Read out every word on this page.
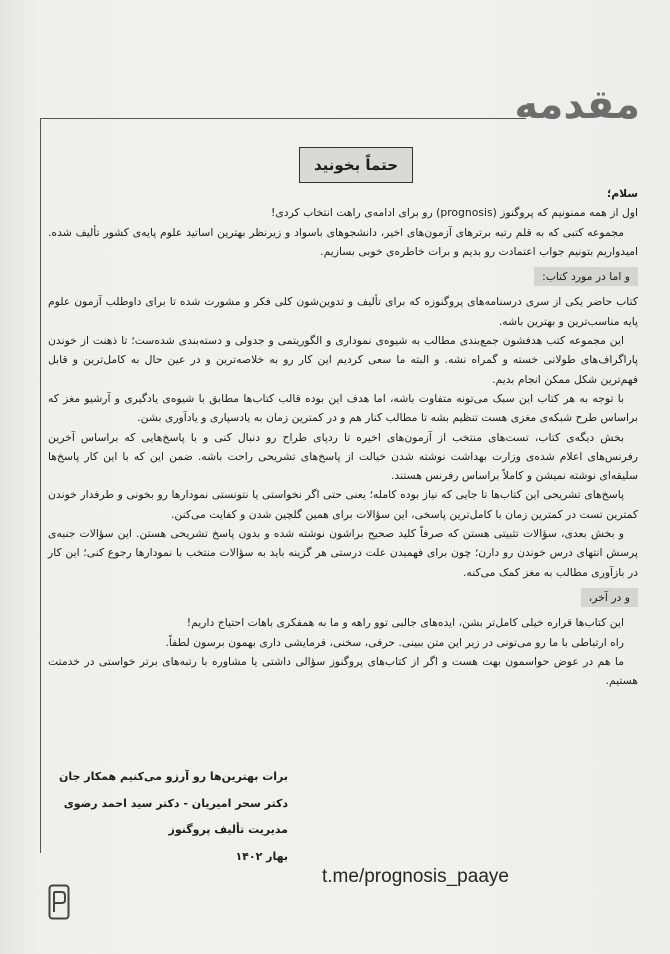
مقدمه
حتماً بخونید

سلام؛

اول از همه ممنونیم که پروگنوز (prognosis) رو برای ادامه‌ی راهت انتخاب کردی!

مجموعه کتبی که به قلم رتبه برترهای آزمون‌های اخیر، دانشجوهای باسواد و زیرنظر بهترین اساتید علوم پایه‌ی کشور تألیف شده. امیدواریم بتونیم جواب اعتمادت رو بدیم و برات خاطره‌ی خوبی بسازیم.

و اما در مورد کتاب:

کتاب حاضر یکی از سری درسنامه‌های پروگنوزه که برای تألیف و تدوین‌شون کلی فکر و مشورت شده تا برای داوطلب آزمون علوم پایه مناسب‌ترین و بهترین باشه.

این مجموعه کتب هدفشون جمع‌بندی مطالب به شیوه‌ی نموداری و الگوریتمی و جدولی و دسته‌بندی شده‌ست؛ تا ذهنت از خوندن پاراگراف‌های طولانی خسته و گمراه نشه. و البته ما سعی کردیم این کار رو به خلاصه‌ترین و در عین حال به کامل‌ترین و قابل فهم‌ترین شکل ممکن انجام بدیم.

با توجه به هر کتاب این سبک می‌تونه متفاوت باشه، اما هدف این بوده قالب کتاب‌ها مطابق با شیوه‌ی یادگیری و آرشیو مغز که براساس طرح شبکه‌ی مغزی هست تنظیم بشه تا مطالب کنار هم و در کمترین زمان به یادسپاری و یادآوری بشن.

بخش دیگه‌ی کتاب، تست‌های منتخب از آزمون‌های اخیره تا ردپای طراح رو دنبال کنی و با پاسخ‌هایی که براساس آخرین رفرنس‌های اعلام شده‌ی وزارت بهداشت نوشته شدن خیالت از پاسخ‌های تشریحی راحت باشه. ضمن این که با این کار پاسخ‌ها سلیقه‌ای نوشته نمیشن و کاملاً براساس رفرنس هستند.

پاسخ‌های تشریحی این کتاب‌ها تا جایی که نیاز بوده کامله؛ یعنی حتی اگر نخواستی یا نتونستی نمودارها رو بخونی و طرفدار خوندن کمترین تست در کمترین زمان با کامل‌ترین پاسخی، این سؤالات برای همین گلچین شدن و کفایت می‌کنن.

و بخش بعدی، سؤالات تثبیتی هستن که صرفاً کلید صحیح براشون نوشته شده و بدون پاسخ تشریحی هستن. این سؤالات جنبه‌ی پرسش انتهای درس خوندن رو دارن؛ چون برای فهمیدن علت درستی هر گزینه باید به سؤالات منتخب با نمودارها رجوع کنی؛ این کار در بازآوری مطالب به مغز کمک می‌کنه.

و در آخر،

این کتاب‌ها قراره خیلی کامل‌تر بشن، ایده‌های جالبی توو راهه و ما به همفکری باهات احتیاج داریم!

راه ارتباطی با ما رو می‌تونی در زیر این متن ببینی. حرفی، سخنی، فرمایشی داری بهمون برسون لطفاً.

ما هم در عوض حواسمون بهت هست و اگر از کتاب‌های پروگنوز سؤالی داشتی یا مشاوره با رتبه‌های برتر خواستی در خدمتت هستیم.

برات بهترین‌ها رو آرزو می‌کنیم همکار جان
دکتر سحر امیریان - دکتر سید احمد رضوی
مدیریت تألیف پروگنوز
بهار ۱۴۰۲
t.me/prognosis_paaye
